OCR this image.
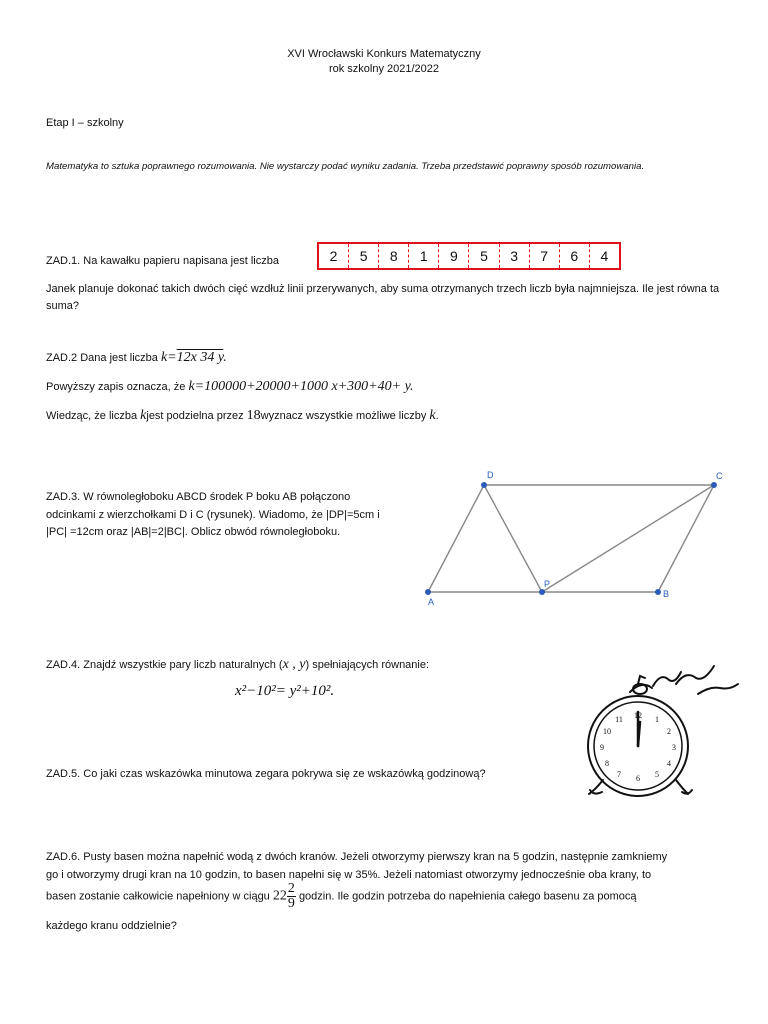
XVI Wrocławski Konkurs Matematyczny
rok szkolny 2021/2022
Etap I – szkolny
Matematyka to sztuka poprawnego rozumowania. Nie wystarczy podać wyniku zadania. Trzeba przedstawić poprawny sposób rozumowania.
ZAD.1. Na kawałku papieru napisana jest liczba	2	5	8	1	9	5	3	7	6	4
Janek planuje dokonać takich dwóch cięć wzdłuż linii przerywanych, aby suma otrzymanych trzech liczb była najmniejsza. Ile jest równa ta suma?
ZAD.2 Dana jest liczba k=12x 34 y.
Powyższy zapis oznacza, że k=100000+20000+1000 x+300+40+ y.
Wiedząc, że liczba kjest podzielna przez 18wyznacz wszystkie możliwe liczby k.
ZAD.3. W równoległoboku ABCD środek P boku AB połączono
odcinkami z wierzchołkami D i C (rysunek). Wiadomo, że |DP|=5cm i
|PC| =12cm oraz |AB|=2|BC|. Oblicz obwód równoległoboku.
A
D	C
B
P
ZAD.4. Znajdź wszystkie pary liczb naturalnych (x , y) spełniających równanie:
x²−10²= y²+10².
12 1
2
3
4
5
6
7
8
9
10
11
ZAD.5. Co jaki czas wskazówka minutowa zegara pokrywa się ze wskazówką godzinową?
ZAD.6. Pusty basen można napełnić wodą z dwóch kranów. Jeżeli otworzymy pierwszy kran na 5 godzin, następnie zamkniemy
go i otworzymy drugi kran na 10 godzin, to basen napełni się w 35%. Jeżeli natomiast otworzymy jednocześnie oba krany, to
basen zostanie całkowicie napełniony w ciągu $22 \frac{2}{9}$ godzin. Ile godzin potrzeba do napełnienia całego basenu za pomocą
każdego kranu oddzielnie?
